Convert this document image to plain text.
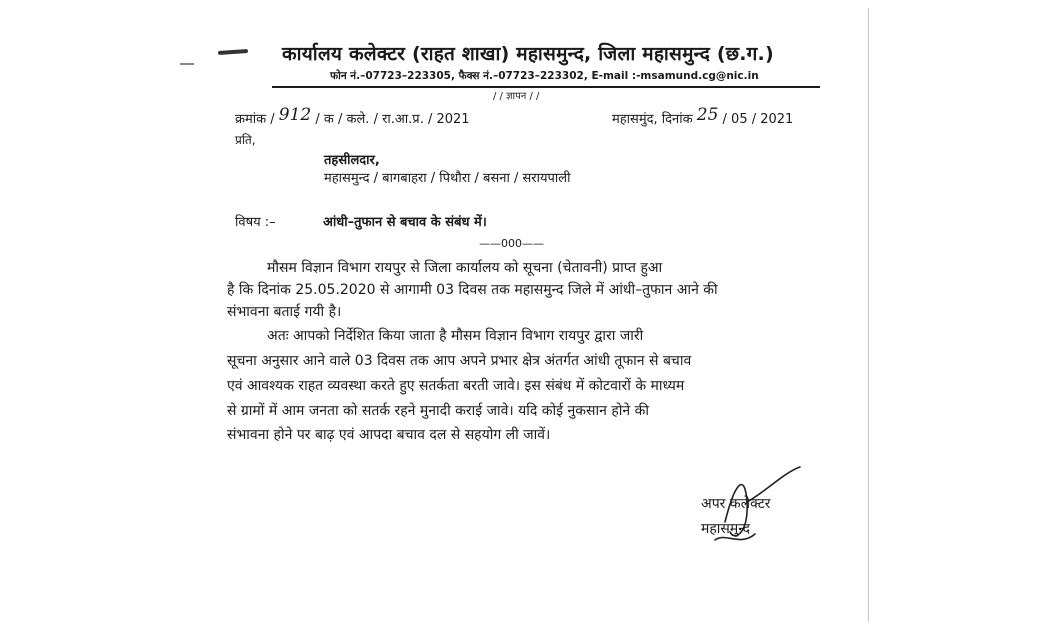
कार्यालय कलेक्टर (राहत शाखा) महासमुन्द, जिला महासमुन्द (छ.ग.)
फोन नं.–07723–223305, फैक्स नं.–07723–223302, E-mail :-msamund.cg@nic.in
/ / ज्ञापन / /
क्रमांक / 912 / क / कले. / रा.आ.प्र. / 2021	महासमुंद, दिनांक 25 / 05 / 2021
प्रति,
तहसीलदार,
महासमुन्द / बागबाहरा / पिथौरा / बसना / सरायपाली
विषय :–	आंधी–तुफान से बचाव के संबंध में।
——000——
मौसम विज्ञान विभाग रायपुर से जिला कार्यालय को सूचना (चेतावनी) प्राप्त हुआ
है कि दिनांक 25.05.2020 से आगामी 03 दिवस तक महासमुन्द जिले में आंधी–तुफान आने की
संभावना बताई गयी है।
अतः आपको निर्देशित किया जाता है मौसम विज्ञान विभाग रायपुर द्वारा जारी
सूचना अनुसार आने वाले 03 दिवस तक आप अपने प्रभार क्षेत्र अंतर्गत आंधी तूफान से बचाव
एवं आवश्यक राहत व्यवस्था करते हुए सतर्कता बरती जावे। इस संबंध में कोटवारों के माध्यम
से ग्रामों में आम जनता को सतर्क रहने मुनादी कराई जावे। यदि कोई नुकसान होने की
संभावना होने पर बाढ़ एवं आपदा बचाव दल से सहयोग ली जावें।
अपर कलेक्टर
महासमुन्द
